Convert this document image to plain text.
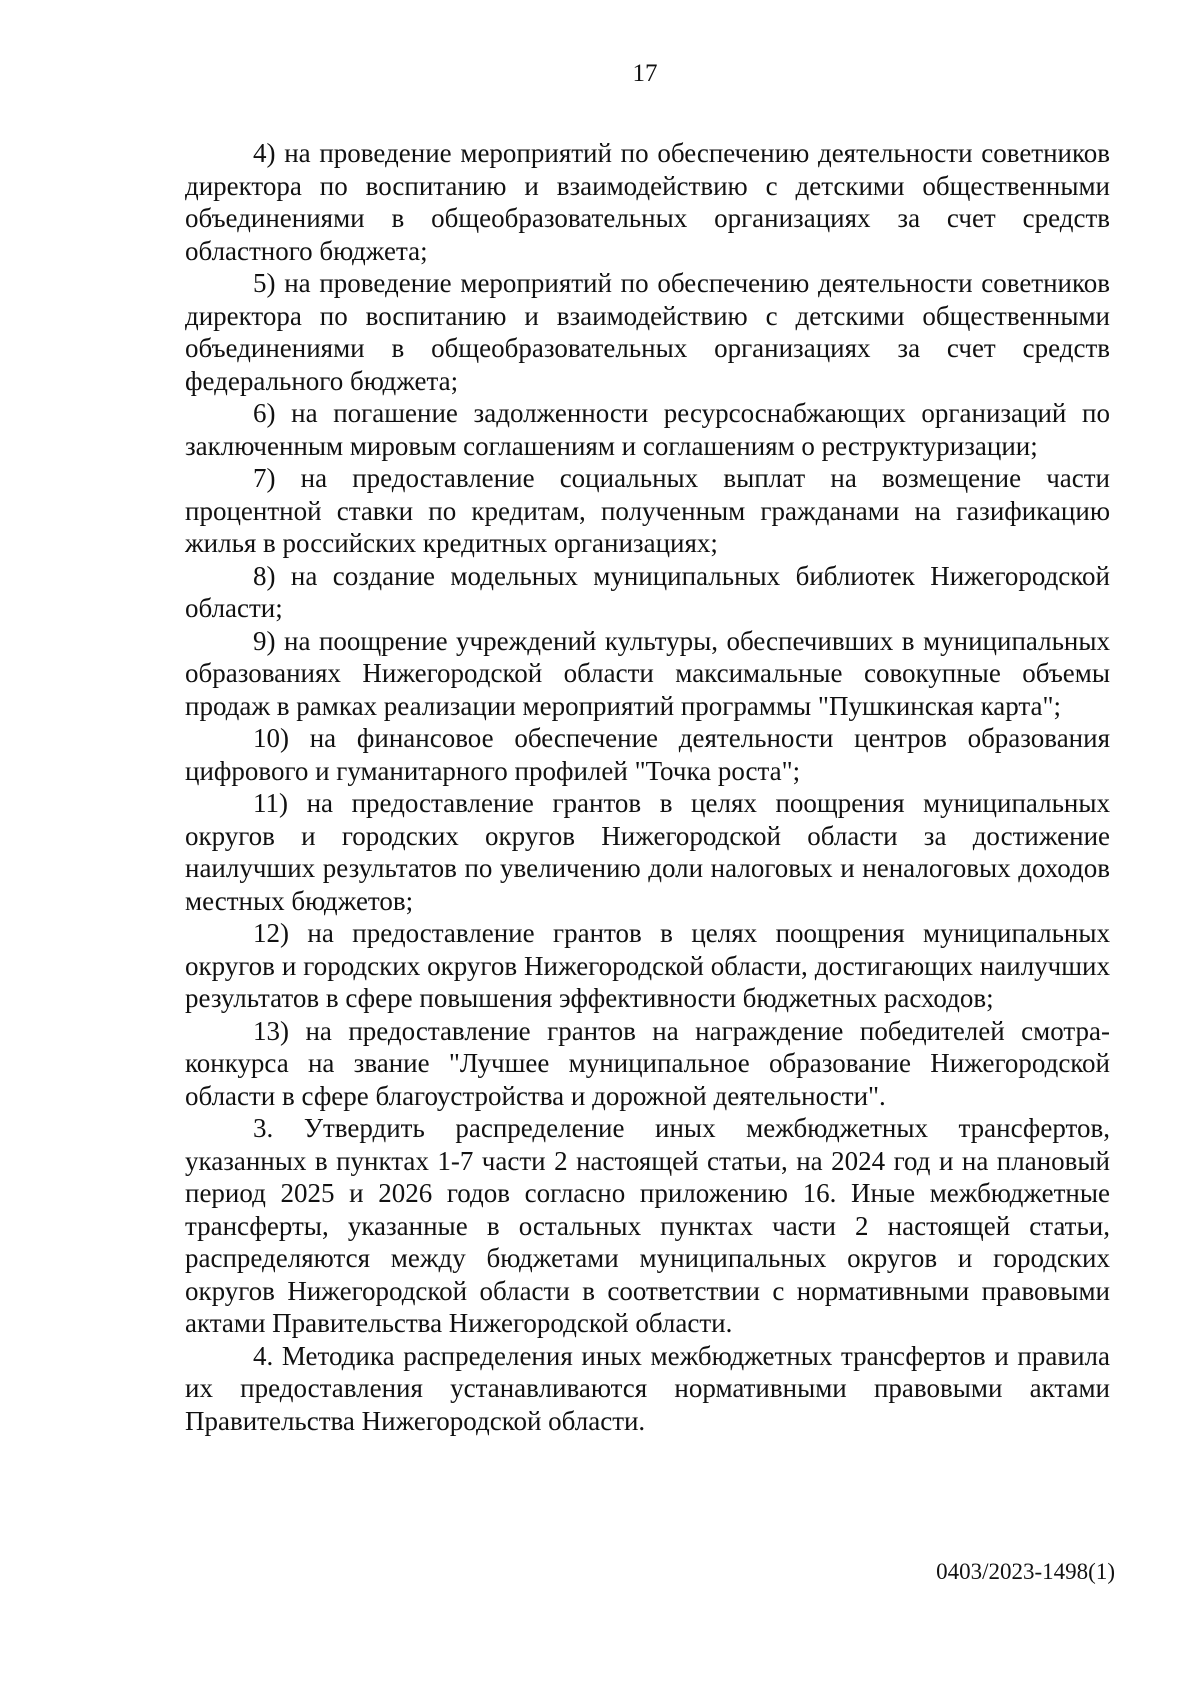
17

4) на проведение мероприятий по обеспечению деятельности советников директора по воспитанию и взаимодействию с детскими общественными объединениями в общеобразовательных организациях за счет средств областного бюджета;

5) на проведение мероприятий по обеспечению деятельности советников директора по воспитанию и взаимодействию с детскими общественными объединениями в общеобразовательных организациях за счет средств федерального бюджета;

6) на погашение задолженности ресурсоснабжающих организаций по заключенным мировым соглашениям и соглашениям о реструктуризации;

7) на предоставление социальных выплат на возмещение части процентной ставки по кредитам, полученным гражданами на газификацию жилья в российских кредитных организациях;

8) на создание модельных муниципальных библиотек Нижегородской области;

9) на поощрение учреждений культуры, обеспечивших в муниципальных образованиях Нижегородской области максимальные совокупные объемы продаж в рамках реализации мероприятий программы "Пушкинская карта";

10) на финансовое обеспечение деятельности центров образования цифрового и гуманитарного профилей "Точка роста";

11) на предоставление грантов в целях поощрения муниципальных округов и городских округов Нижегородской области за достижение наилучших результатов по увеличению доли налоговых и неналоговых доходов местных бюджетов;

12) на предоставление грантов в целях поощрения муниципальных округов и городских округов Нижегородской области, достигающих наилучших результатов в сфере повышения эффективности бюджетных расходов;

13) на предоставление грантов на награждение победителей смотра-конкурса на звание "Лучшее муниципальное образование Нижегородской области в сфере благоустройства и дорожной деятельности".

3. Утвердить распределение иных межбюджетных трансфертов, указанных в пунктах 1-7 части 2 настоящей статьи, на 2024 год и на плановый период 2025 и 2026 годов согласно приложению 16. Иные межбюджетные трансферты, указанные в остальных пунктах части 2 настоящей статьи, распределяются между бюджетами муниципальных округов и городских округов Нижегородской области в соответствии с нормативными правовыми актами Правительства Нижегородской области.

4. Методика распределения иных межбюджетных трансфертов и правила их предоставления устанавливаются нормативными правовыми актами Правительства Нижегородской области.

0403/2023-1498(1)
